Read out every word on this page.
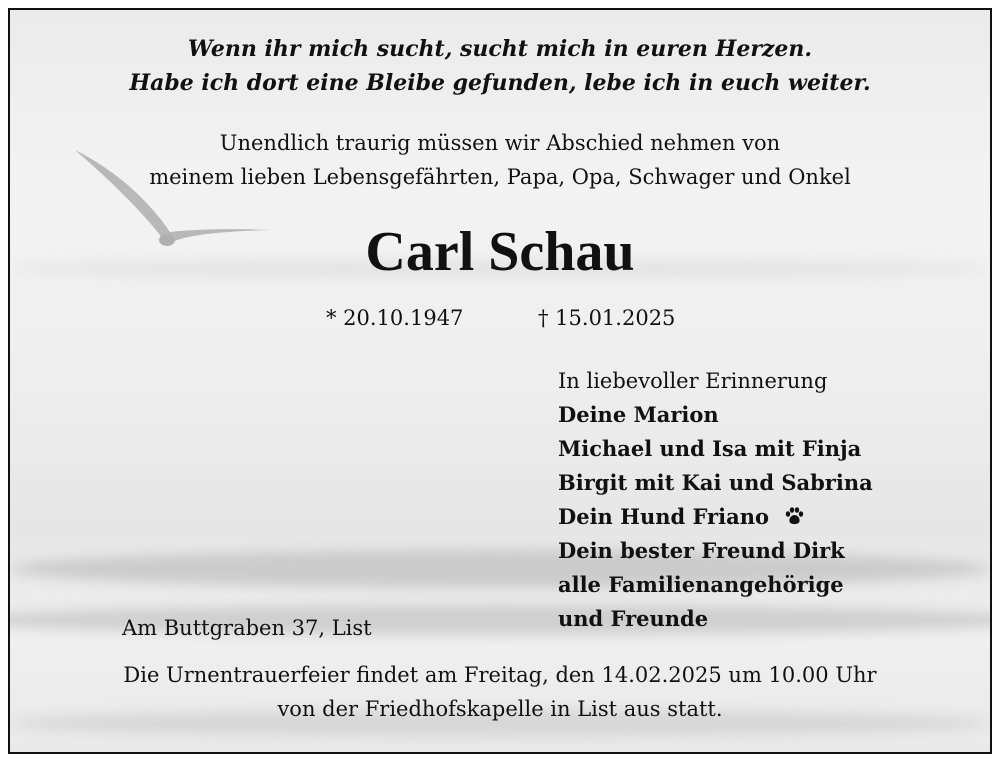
Wenn ihr mich sucht, sucht mich in euren Herzen.
Habe ich dort eine Bleibe gefunden, lebe ich in euch weiter.
Unendlich traurig müssen wir Abschied nehmen von
meinem lieben Lebensgefährten, Papa, Opa, Schwager und Onkel
Carl Schau
* 20.10.1947	† 15.01.2025
In liebevoller Erinnerung
Deine Marion
Michael und Isa mit Finja
Birgit mit Kai und Sabrina
Dein Hund Friano
Dein bester Freund Dirk
alle Familienangehörige
und Freunde
Am Buttgraben 37, List
Die Urnentrauerfeier findet am Freitag, den 14.02.2025 um 10.00 Uhr
von der Friedhofskapelle in List aus statt.
